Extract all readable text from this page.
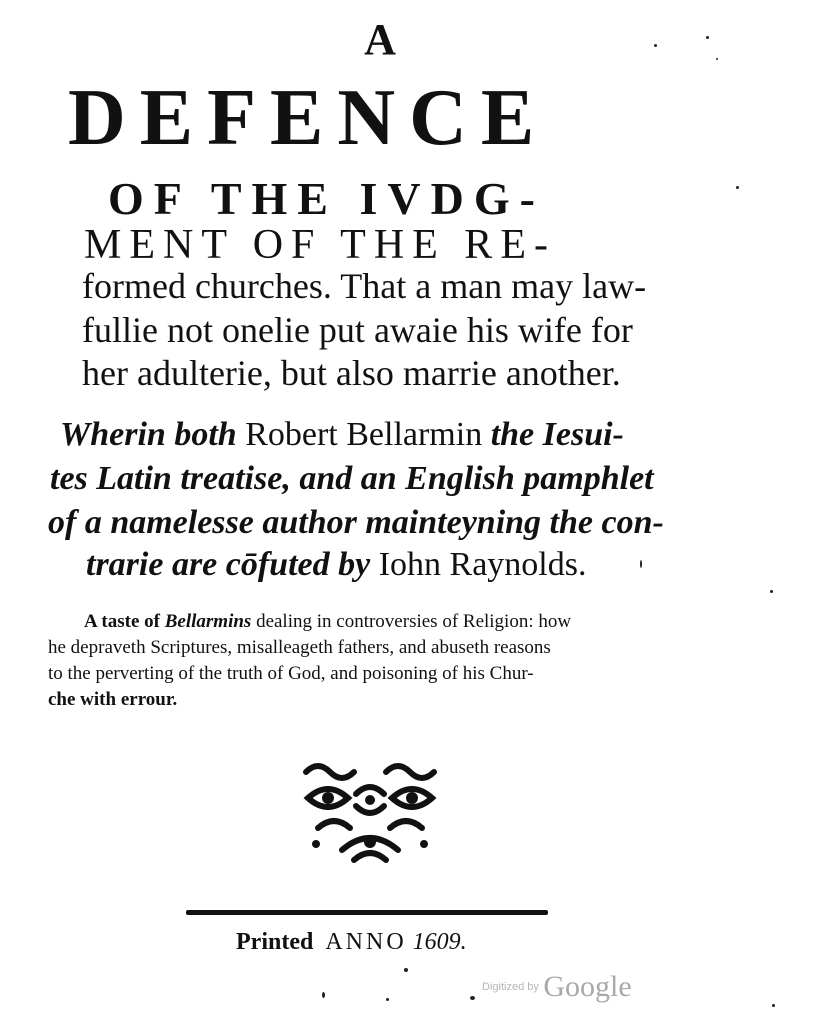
A
DEFENCE
OF THE IVDG-
MENT OF THE RE-
formed churches. That a man may law-
fullie not onelie put awaie his wife for
her adulterie, but also marrie another.
Wherin both Robert Bellarmin the Iesui-
tes Latin treatise, and an English pamphlet
of a namelesse author mainteyning the con-
trarie are cōfuted by Iohn Raynolds.
A taste of Bellarmins dealing in controversies of Religion: how
he depraveth Scriptures, misalleageth fathers, and abuseth reasons
to the perverting of the truth of God, and poisoning of his Chur-
che with errour.
Printed ANNO 1609.
Digitized by Google
